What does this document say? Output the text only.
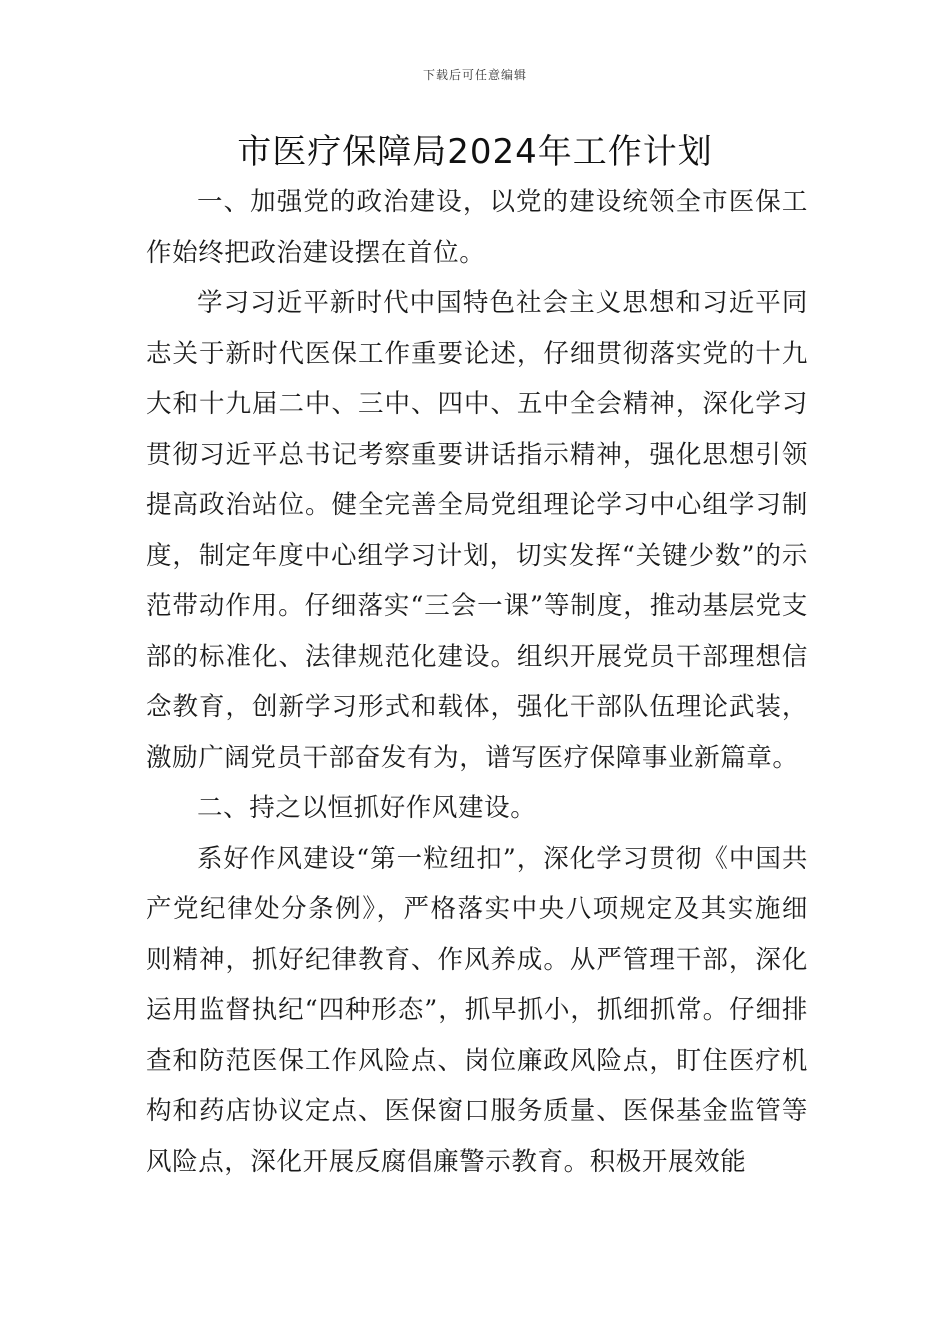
下载后可任意编辑
市医疗保障局2024年工作计划

一、加强党的政治建设，以党的建设统领全市医保工作始终把政治建设摆在首位。

学习习近平新时代中国特色社会主义思想和习近平同志关于新时代医保工作重要论述，仔细贯彻落实党的十九大和十九届二中、三中、四中、五中全会精神，深化学习贯彻习近平总书记考察重要讲话指示精神，强化思想引领提高政治站位。健全完善全局党组理论学习中心组学习制度，制定年度中心组学习计划，切实发挥“关键少数”的示范带动作用。仔细落实“三会一课”等制度，推动基层党支部的标准化、法律规范化建设。组织开展党员干部理想信念教育，创新学习形式和载体，强化干部队伍理论武装，激励广阔党员干部奋发有为，谱写医疗保障事业新篇章。

二、持之以恒抓好作风建设。

系好作风建设“第一粒纽扣”，深化学习贯彻《中国共产党纪律处分条例》，严格落实中央八项规定及其实施细则精神，抓好纪律教育、作风养成。从严管理干部，深化运用监督执纪“四种形态”，抓早抓小，抓细抓常。仔细排查和防范医保工作风险点、岗位廉政风险点，盯住医疗机构和药店协议定点、医保窗口服务质量、医保基金监管等风险点，深化开展反腐倡廉警示教育。积极开展效能
